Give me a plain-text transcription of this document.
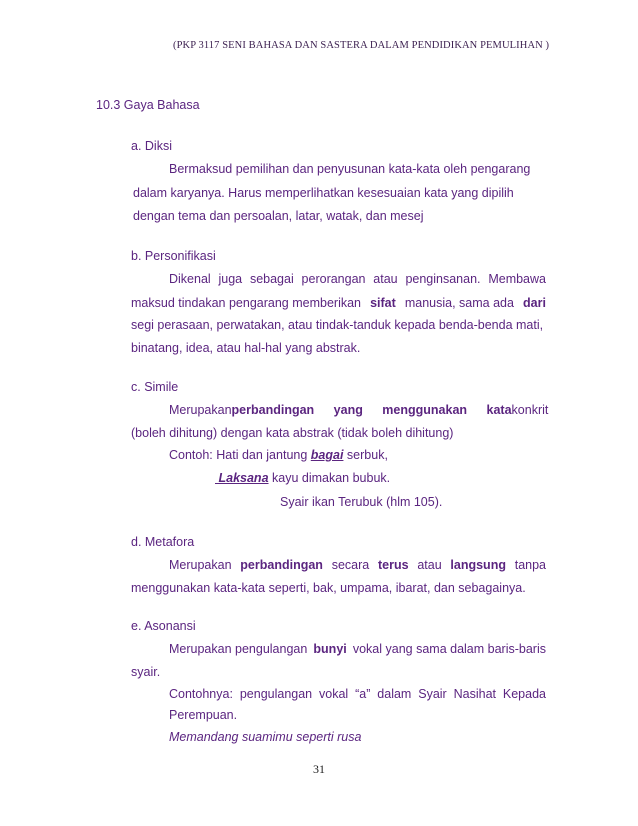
(PKP 3117 SENI BAHASA DAN SASTERA DALAM PENDIDIKAN PEMULIHAN )
10.3 Gaya Bahasa
a. Diksi
Bermaksud pemilihan dan penyusunan kata-kata oleh pengarang
dalam karyanya. Harus memperlihatkan kesesuaian kata yang dipilih
dengan tema dan persoalan, latar, watak, dan mesej
b. Personifikasi
Dikenal juga sebagai perorangan atau penginsanan. Membawa
maksud tindakan pengarang memberikan sifat manusia, sama ada dari
segi perasaan, perwatakan, atau tindak-tanduk kepada benda-benda mati,
binatang, idea, atau hal-hal yang abstrak.
c. Simile
Merupakan perbandingan yang menggunakan kata konkrit
(boleh dihitung) dengan kata abstrak (tidak boleh dihitung)
Contoh: Hati dan jantung bagai serbuk,
Laksana kayu dimakan bubuk.
Syair ikan Terubuk (hlm 105).
d. Metafora
Merupakan perbandingan secara terus atau langsung tanpa
menggunakan kata-kata seperti, bak, umpama, ibarat, dan sebagainya.
e. Asonansi
Merupakan pengulangan bunyi vokal yang sama dalam baris-baris
syair.
Contohnya: pengulangan vokal “a” dalam Syair Nasihat Kepada
Perempuan.
Memandang suamimu seperti rusa
31
